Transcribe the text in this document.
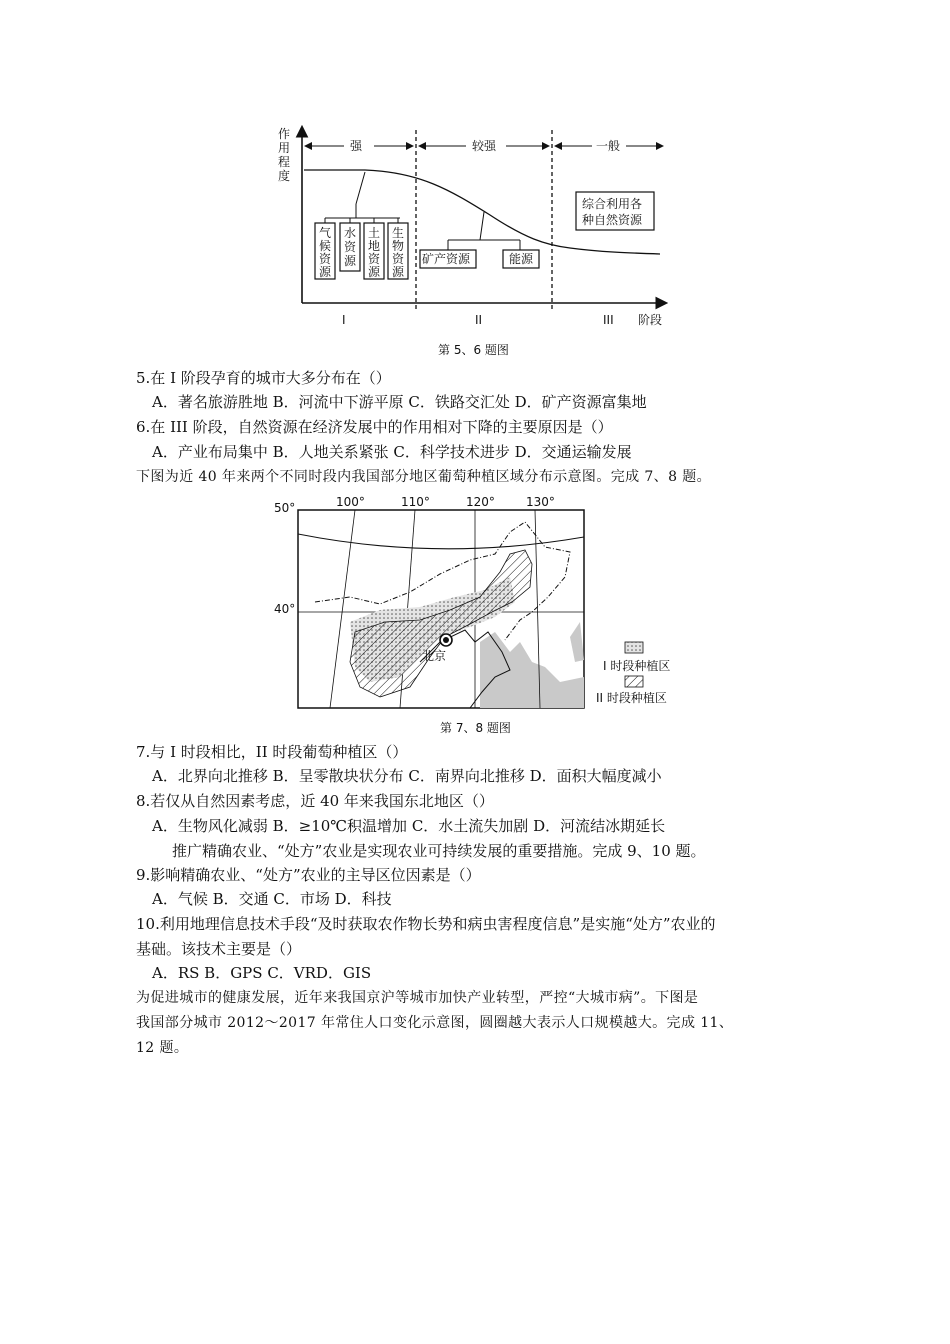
作
用
程
度
强	较强	一般
气
候
资
源
水
资
源
土
地
资
源
生
物
资
源
矿产资源	能源
综合利用各
种自然资源
I	II	III 阶段
第 5、6 题图
5.在 I 阶段孕育的城市大多分布在（）
A．著名旅游胜地 B．河流中下游平原 C．铁路交汇处 D．矿产资源富集地
6.在 III 阶段，自然资源在经济发展中的作用相对下降的主要原因是（）
A．产业布局集中 B．人地关系紧张 C．科学技术进步 D．交通运输发展
下图为近 40 年来两个不同时段内我国部分地区葡萄种植区域分布示意图。完成 7、8 题。
北京
100°	110°	120°	130°
50°
40°
I 时段种植区
II 时段种植区
第 7、8 题图
7.与 I 时段相比，II 时段葡萄种植区（）
A．北界向北推移 B．呈零散块状分布 C．南界向北推移 D．面积大幅度减小
8.若仅从自然因素考虑，近 40 年来我国东北地区（）
A．生物风化减弱 B．≥10℃积温增加 C．水土流失加剧 D．河流结冰期延长
推广精确农业、“处方”农业是实现农业可持续发展的重要措施。完成 9、10 题。
9.影响精确农业、“处方”农业的主导区位因素是（）
A．气候 B．交通 C．市场 D．科技
10.利用地理信息技术手段“及时获取农作物长势和病虫害程度信息”是实施“处方”农业的
基础。该技术主要是（）
A．RS B．GPS C．VRD．GIS
为促进城市的健康发展，近年来我国京沪等城市加快产业转型，严控“大城市病”。下图是
我国部分城市 2012～2017 年常住人口变化示意图，圆圈越大表示人口规模越大。完成 11、
12 题。
